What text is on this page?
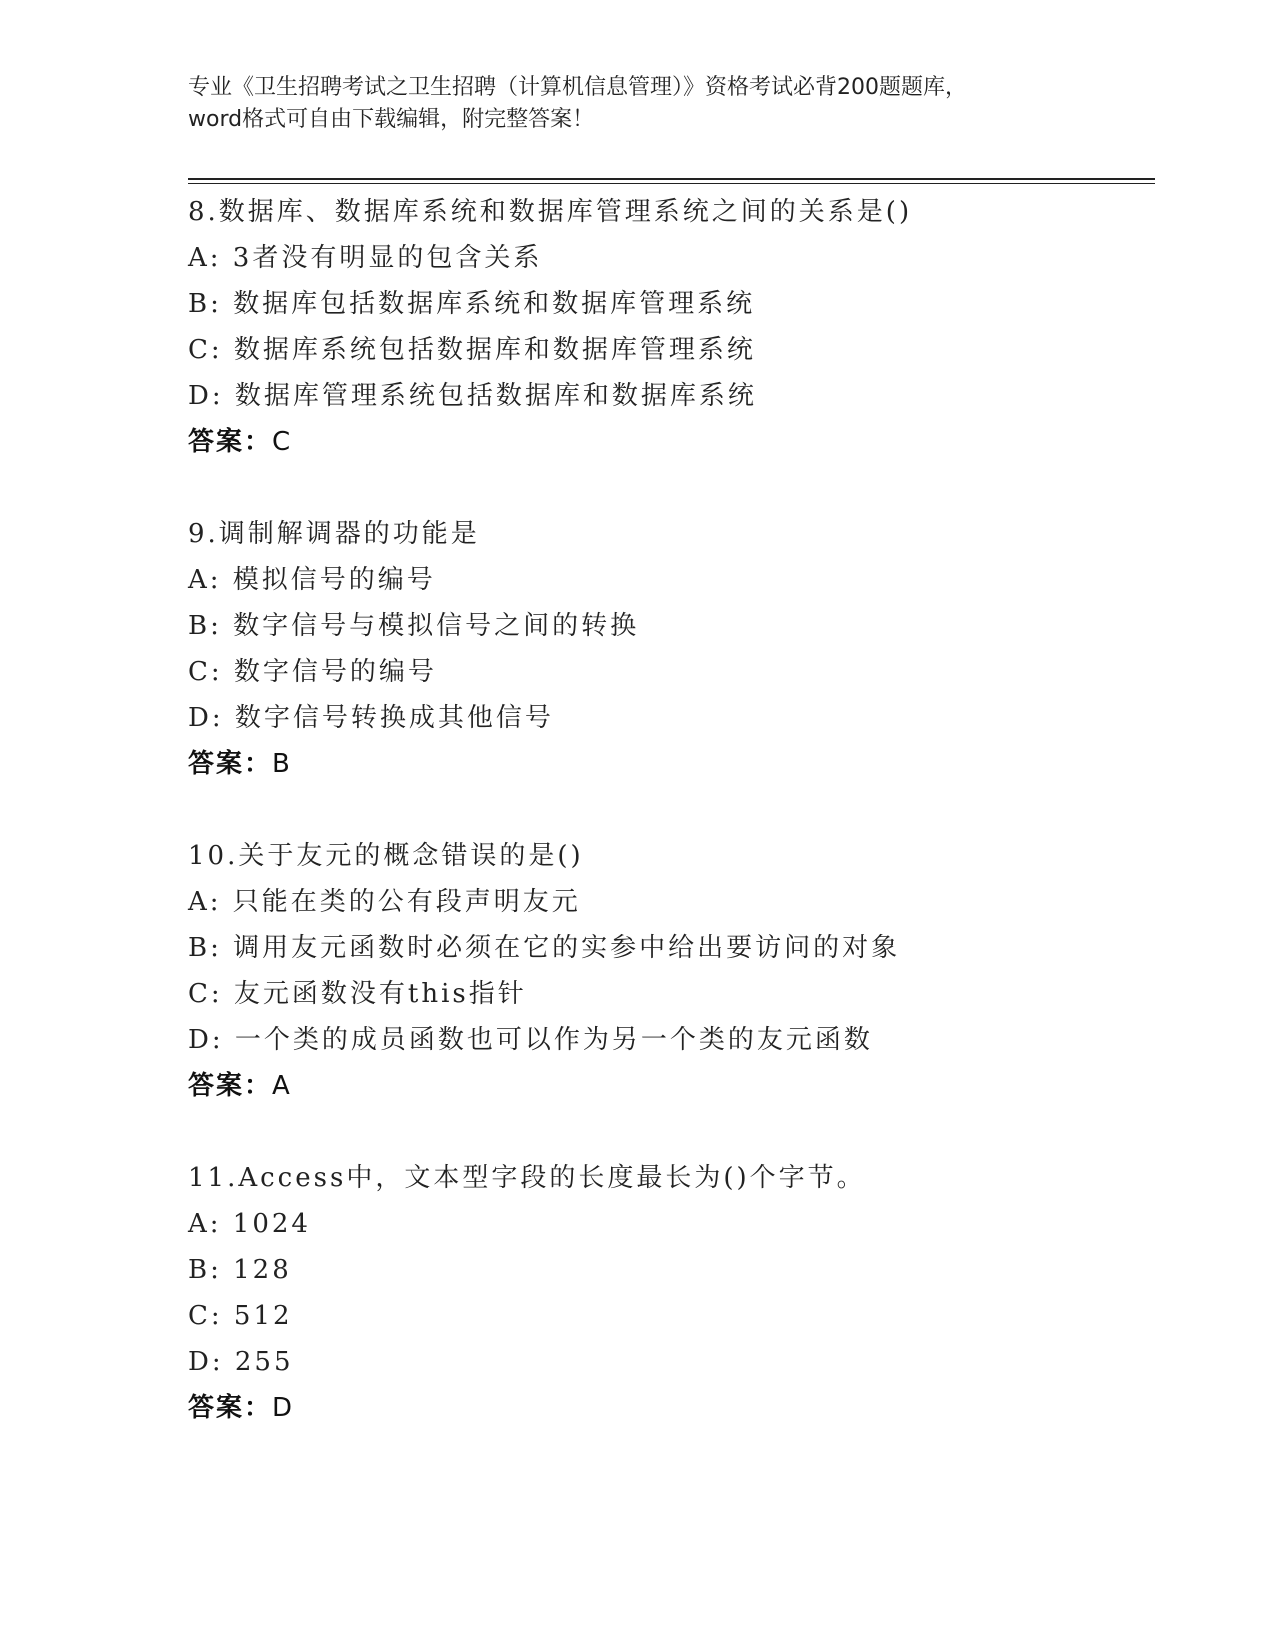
专业《卫生招聘考试之卫生招聘（计算机信息管理）》资格考试必背200题题库，
word格式可自由下载编辑，附完整答案！
8.数据库、数据库系统和数据库管理系统之间的关系是()
A: 3者没有明显的包含关系
B: 数据库包括数据库系统和数据库管理系统
C: 数据库系统包括数据库和数据库管理系统
D: 数据库管理系统包括数据库和数据库系统
答案：C
9.调制解调器的功能是
A: 模拟信号的编号
B: 数字信号与模拟信号之间的转换
C: 数字信号的编号
D: 数字信号转换成其他信号
答案：B
10.关于友元的概念错误的是()
A: 只能在类的公有段声明友元
B: 调用友元函数时必须在它的实参中给出要访问的对象
C: 友元函数没有this指针
D: 一个类的成员函数也可以作为另一个类的友元函数
答案：A
11.Access中，文本型字段的长度最长为()个字节。
A: 1024
B: 128
C: 512
D: 255
答案：D
